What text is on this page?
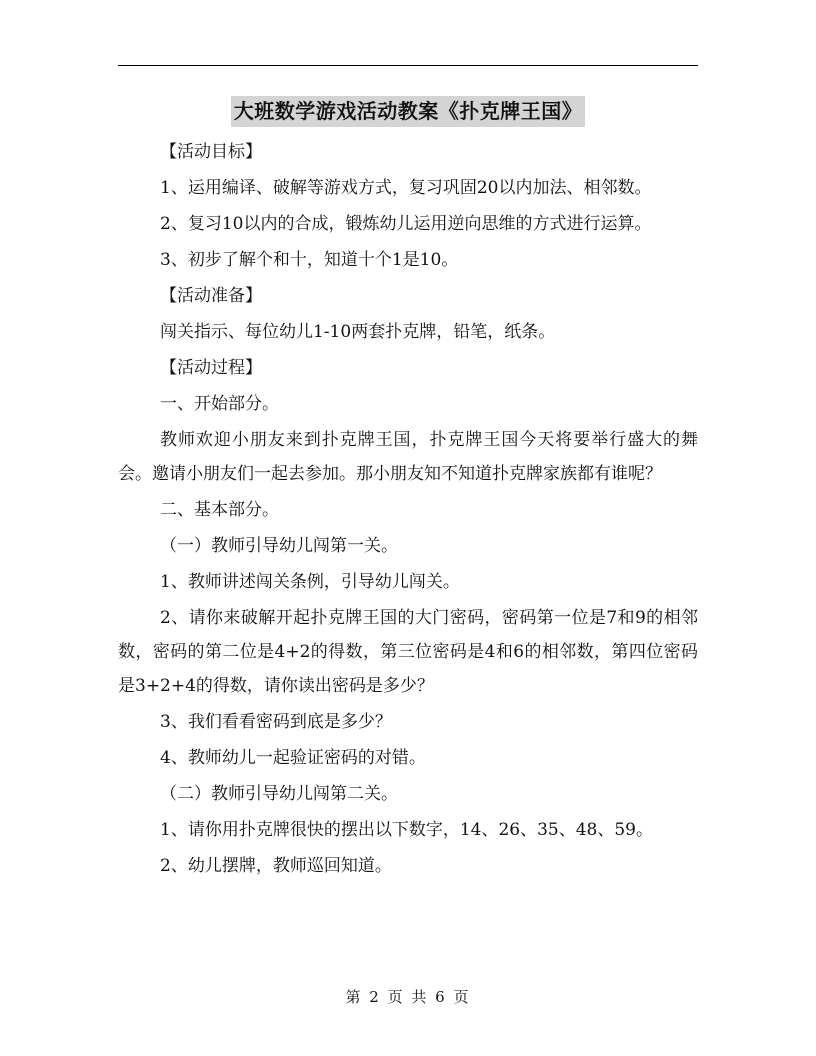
大班数学游戏活动教案《扑克牌王国》
【活动目标】
1、运用编译、破解等游戏方式，复习巩固20以内加法、相邻数。
2、复习10以内的合成，锻炼幼儿运用逆向思维的方式进行运算。
3、初步了解个和十，知道十个1是10。
【活动准备】
闯关指示、每位幼儿1-10两套扑克牌，铅笔，纸条。
【活动过程】
一、开始部分。
教师欢迎小朋友来到扑克牌王国，扑克牌王国今天将要举行盛大的舞会。邀请小朋友们一起去参加。那小朋友知不知道扑克牌家族都有谁呢？
二、基本部分。
（一）教师引导幼儿闯第一关。
1、教师讲述闯关条例，引导幼儿闯关。
2、请你来破解开起扑克牌王国的大门密码，密码第一位是7和9的相邻数，密码的第二位是4+2的得数，第三位密码是4和6的相邻数，第四位密码是3+2+4的得数，请你读出密码是多少？
3、我们看看密码到底是多少？
4、教师幼儿一起验证密码的对错。
（二）教师引导幼儿闯第二关。
1、请你用扑克牌很快的摆出以下数字，14、26、35、48、59。
2、幼儿摆牌，教师巡回知道。
第 2 页 共 6 页
